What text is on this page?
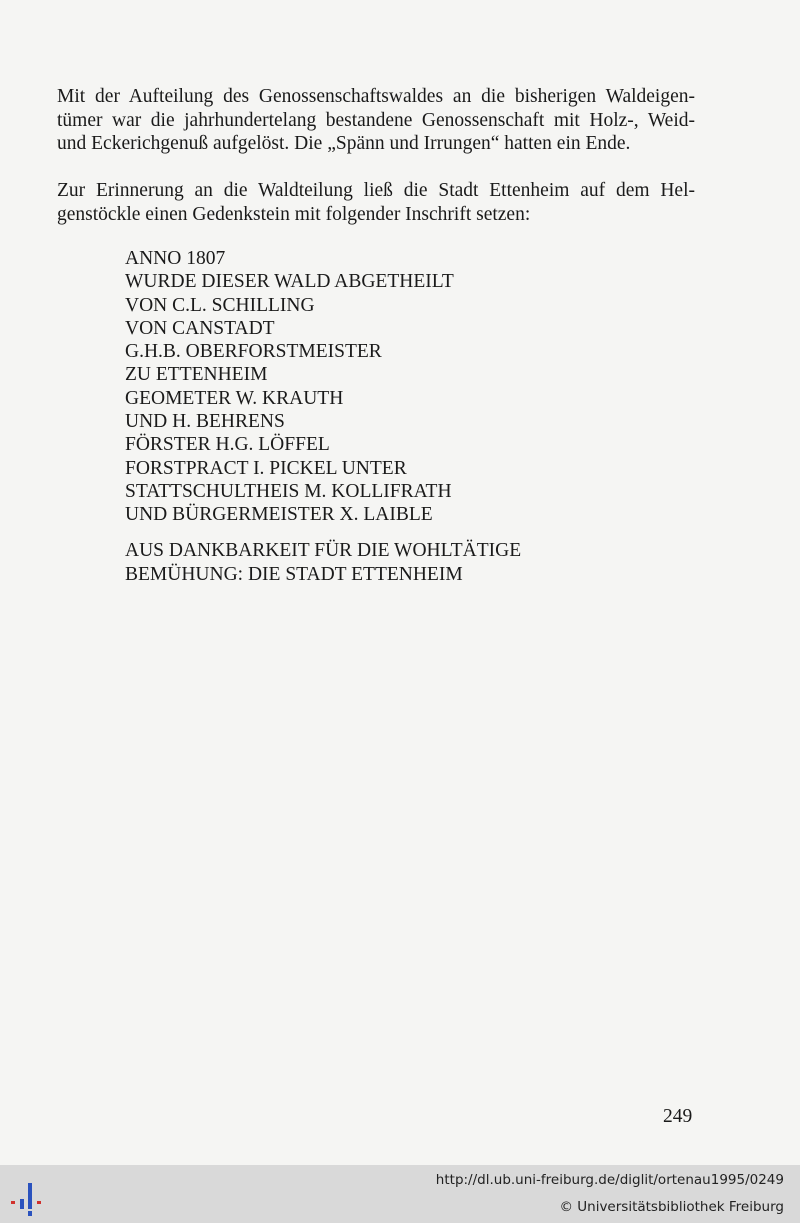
Mit der Aufteilung des Genossenschaftswaldes an die bisherigen Waldeigen-
tümer war die jahrhundertelang bestandene Genossenschaft mit Holz-, Weid-
und Eckerichgenuß aufgelöst. Die „Spänn und Irrungen“ hatten ein Ende.
Zur Erinnerung an die Waldteilung ließ die Stadt Ettenheim auf dem Hel-
genstöckle einen Gedenkstein mit folgender Inschrift setzen:
ANNO 1807
WURDE DIESER WALD ABGETHEILT
VON C.L. SCHILLING
VON CANSTADT
G.H.B. OBERFORSTMEISTER
ZU ETTENHEIM
GEOMETER W. KRAUTH
UND H. BEHRENS
FÖRSTER H.G. LÖFFEL
FORSTPRACT I. PICKEL UNTER
STATTSCHULTHEIS M. KOLLIFRATH
UND BÜRGERMEISTER X. LAIBLE
AUS DANKBARKEIT FÜR DIE WOHLTÄTIGE
BEMÜHUNG: DIE STADT ETTENHEIM
249
http://dl.ub.uni-freiburg.de/diglit/ortenau1995/0249
© Universitätsbibliothek Freiburg
